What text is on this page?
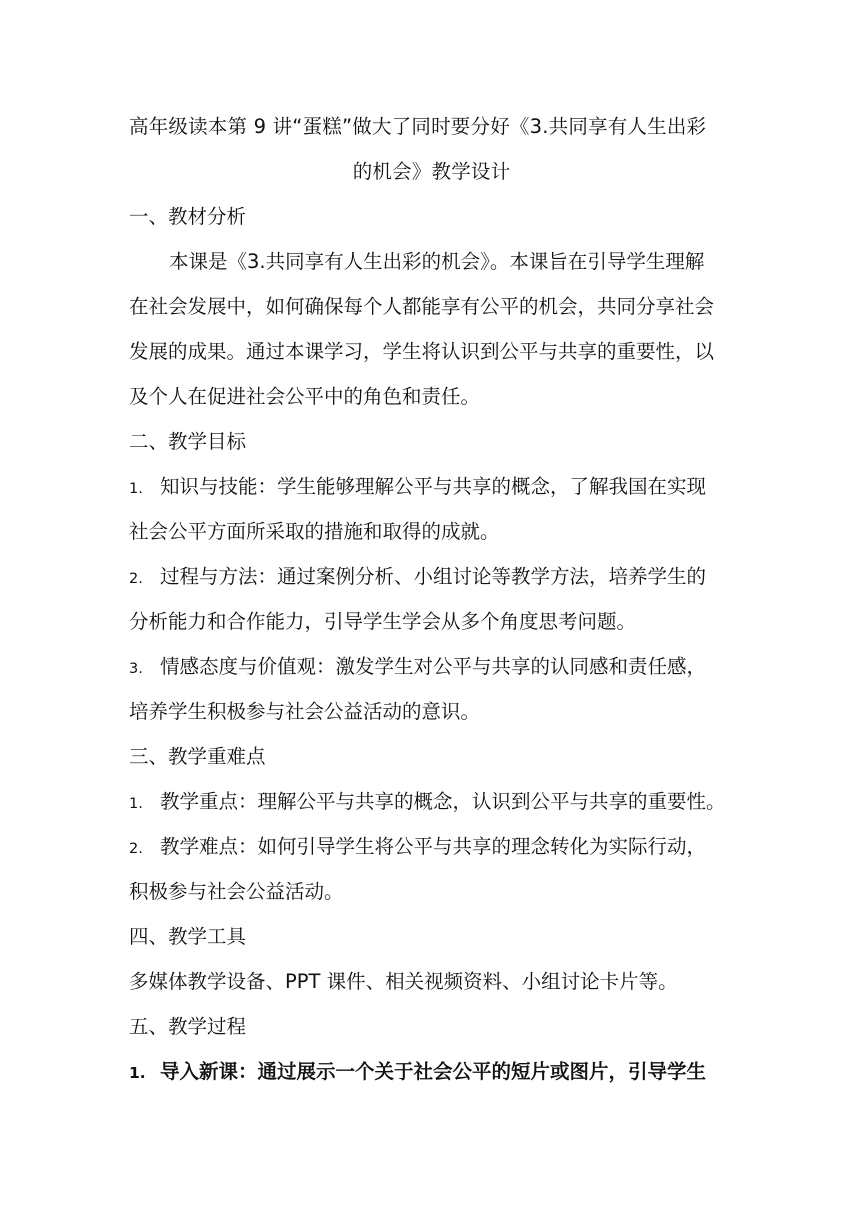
高年级读本第 9 讲“蛋糕”做大了同时要分好《3.共同享有人生出彩
的机会》教学设计
一、教材分析
本课是《3.共同享有人生出彩的机会》。本课旨在引导学生理解
在社会发展中，如何确保每个人都能享有公平的机会，共同分享社会
发展的成果。通过本课学习，学生将认识到公平与共享的重要性，以
及个人在促进社会公平中的角色和责任。
二、教学目标
1. 知识与技能：学生能够理解公平与共享的概念，了解我国在实现
社会公平方面所采取的措施和取得的成就。
2. 过程与方法：通过案例分析、小组讨论等教学方法，培养学生的
分析能力和合作能力，引导学生学会从多个角度思考问题。
3. 情感态度与价值观：激发学生对公平与共享的认同感和责任感，
培养学生积极参与社会公益活动的意识。
三、教学重难点
1. 教学重点：理解公平与共享的概念，认识到公平与共享的重要性。
2. 教学难点：如何引导学生将公平与共享的理念转化为实际行动，
积极参与社会公益活动。
四、教学工具
多媒体教学设备、PPT 课件、相关视频资料、小组讨论卡片等。
五、教学过程
1. 导入新课：通过展示一个关于社会公平的短片或图片，引导学生
